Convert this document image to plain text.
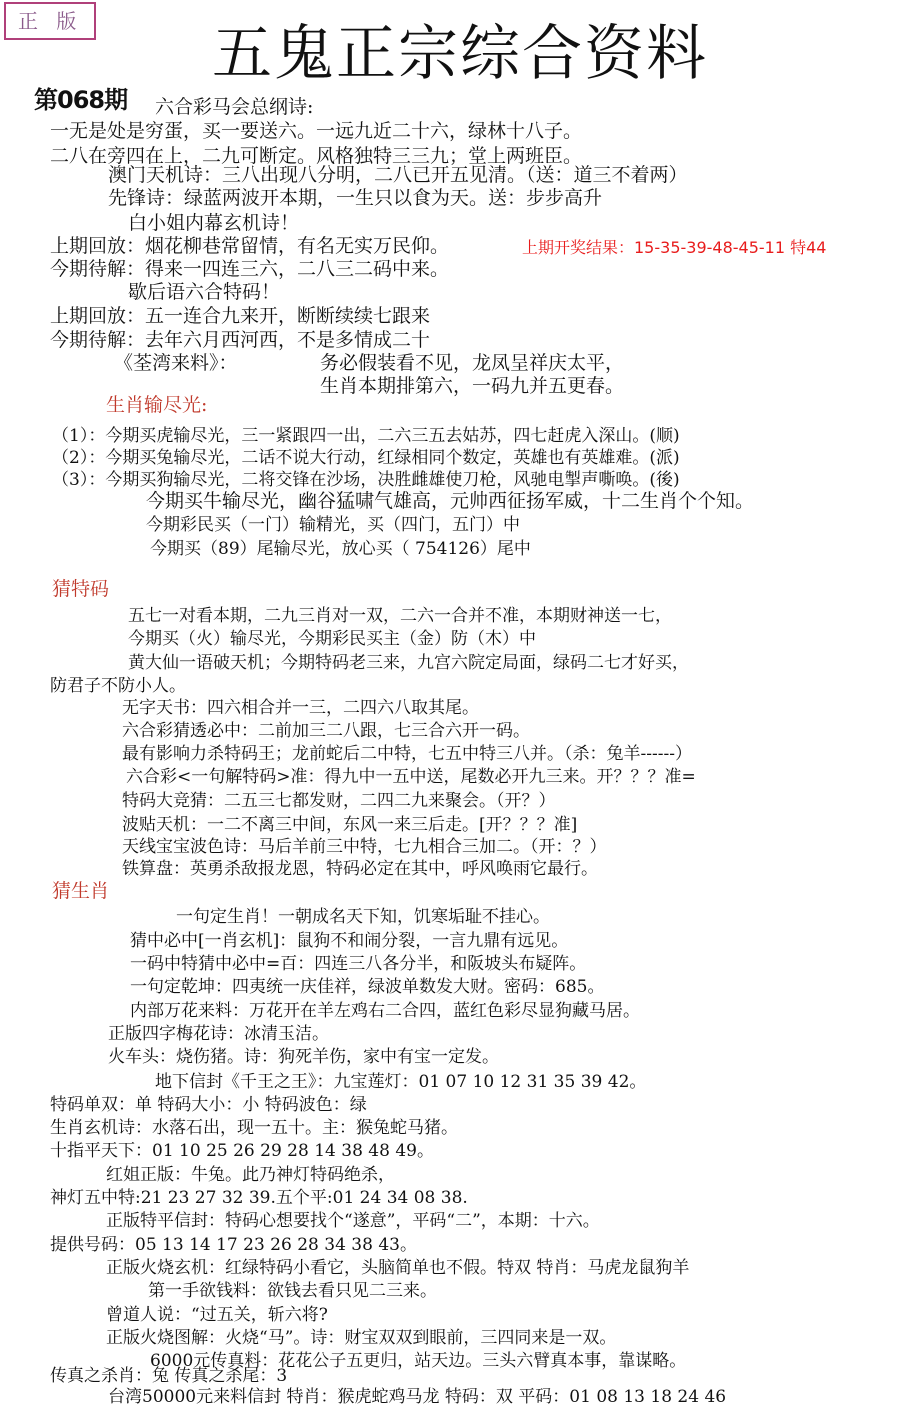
正 版 五鬼正宗综合资料
第068期 六合彩马会总纲诗:
一无是处是穷蛋，买一要送六。一远九近二十六，绿林十八子。
二八在旁四在上，二九可断定。风格独特三三九；堂上两班臣。
澳门天机诗：三八出现八分明，二八已开五见清。（送：道三不着两）
先锋诗：绿蓝两波开本期，一生只以食为天。送：步步高升
白小姐内幕玄机诗！
上期回放：烟花柳巷常留情，有名无实万民仰。	上期开奖结果：15-35-39-48-45-11 特44
今期待解：得来一四连三六，二八三二码中来。
歇后语六合特码！
上期回放：五一连合九来开，断断续续七跟来
今期待解：去年六月西河西，不是多情成二十
《荃湾来料》：	务必假装看不见，龙凤呈祥庆太平，
生肖本期排第六，一码九并五更春。
生肖输尽光:
（1）：今期买虎输尽光，三一紧跟四一出，二六三五去姑苏，四七赶虎入深山。(顺)
（2）：今期买兔输尽光，二话不说大行动，红绿相同个数定，英雄也有英雄难。(派)
（3）：今期买狗输尽光，二将交锋在沙场，决胜雌雄使刀枪，风驰电掣声嘶唤。(後)
今期买牛输尽光，幽谷猛啸气雄高，元帅西征扬军威，十二生肖个个知。
今期彩民买（一门）输精光，买（四门，五门）中
今期买（89）尾输尽光，放心买（ 754126）尾中
猜特码
五七一对看本期，二九三肖对一双，二六一合并不准，本期财神送一七，
今期买（火）输尽光，今期彩民买主（金）防（木）中
黄大仙一语破天机；今期特码老三来，九宫六院定局面，绿码二七才好买，
防君子不防小人。
无字天书：四六相合并一三，二四六八取其尾。
六合彩猜透必中：二前加三二八跟，七三合六开一码。
最有影响力杀特码王；龙前蛇后二中特，七五中特三八并。（杀：兔羊------）
六合彩<一句解特码>准：得九中一五中送，尾数必开九三来。开？？？准=
特码大竞猜：二五三七都发财，二四二九来聚会。（开？）
波贴天机：一二不离三中间，东风一来三后走。[开？？？准]
天线宝宝波色诗：马后羊前三中特，七九相合三加二。（开：？）
铁算盘：英勇杀敌报龙恩，特码必定在其中，呼风唤雨它最行。
猜生肖
一句定生肖！一朝成名天下知，饥寒垢耻不挂心。
猜中必中[一肖玄机]：鼠狗不和闹分裂，一言九鼎有远见。
一码中特猜中必中=百：四连三八各分半，和阪坡头布疑阵。
一句定乾坤：四夷统一庆佳祥，绿波单数发大财。密码：685。
内部万花来料：万花开在羊左鸡右二合四，蓝红色彩尽显狗藏马居。
正版四字梅花诗：冰清玉洁。
火车头：烧伤猪。诗：狗死羊伤，家中有宝一定发。
地下信封《千王之王》：九宝莲灯：01 07 10 12 31 35 39 42。
特码单双：单 特码大小：小 特码波色：绿
生肖玄机诗：水落石出，现一五十。主：猴兔蛇马猪。
十指平天下：01 10 25 26 29 28 14 38 48 49。
红姐正版：牛兔。此乃神灯特码绝杀，
神灯五中特:21 23 27 32 39.五个平:01 24 34 08 38.
正版特平信封：特码心想要找个“遂意”，平码“二”，本期：十六。
提供号码：05 13 14 17 23 26 28 34 38 43。
正版火烧玄机：红绿特码小看它，头脑简单也不假。特双 特肖：马虎龙鼠狗羊
第一手欲钱料：欲钱去看只见二三来。
曾道人说：“过五关，斩六将?
正版火烧图解：火烧“马”。诗：财宝双双到眼前，三四同来是一双。
6000元传真料：花花公子五更归，站天边。三头六臂真本事，靠谋略。
传真之杀肖：兔 传真之杀尾：3
台湾50000元来料信封 特肖：猴虎蛇鸡马龙 特码：双 平码：01 08 13 18 24 46
